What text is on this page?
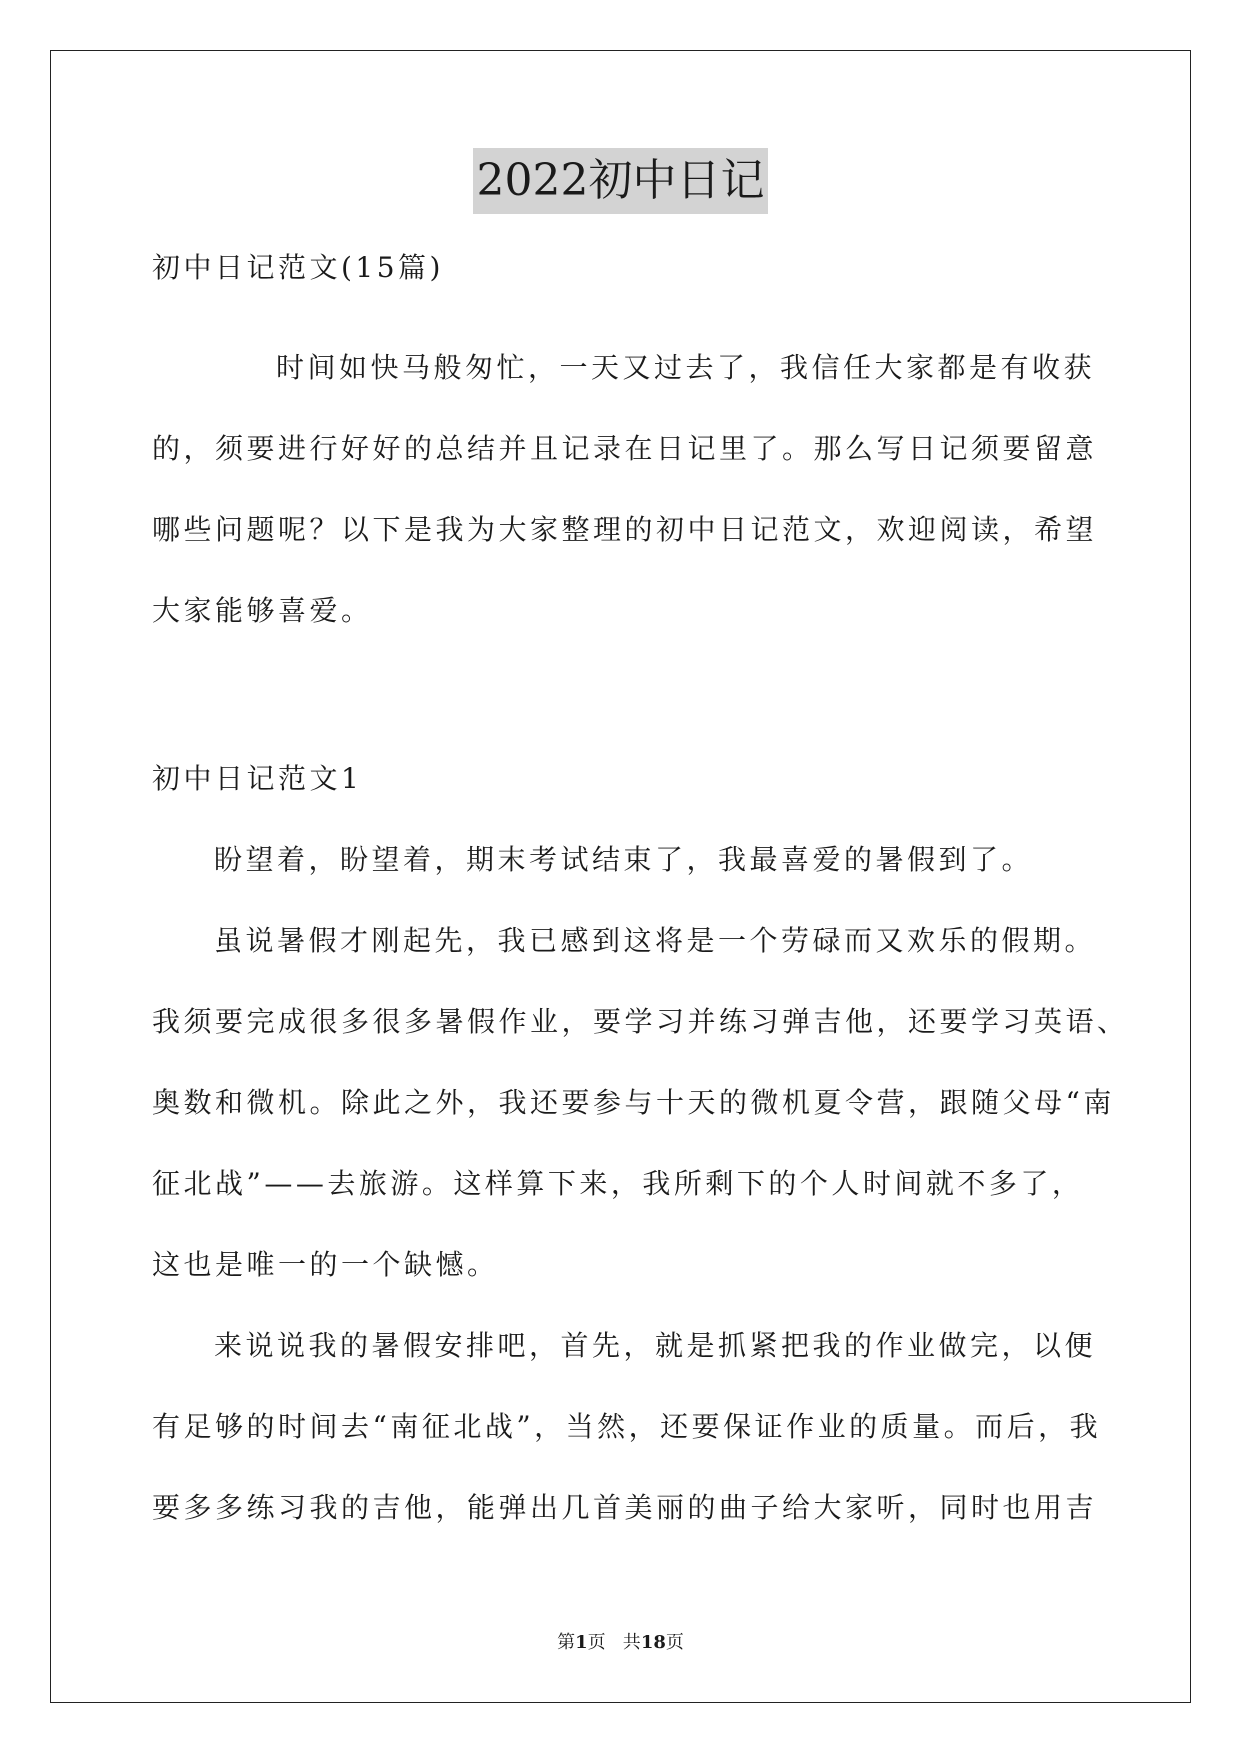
2022初中日记
初中日记范文(15篇)
时间如快马般匆忙，一天又过去了，我信任大家都是有收获
的，须要进行好好的总结并且记录在日记里了。那么写日记须要留意
哪些问题呢？以下是我为大家整理的初中日记范文，欢迎阅读，希望
大家能够喜爱。
初中日记范文1
盼望着，盼望着，期末考试结束了，我最喜爱的暑假到了。
虽说暑假才刚起先，我已感到这将是一个劳碌而又欢乐的假期。
我须要完成很多很多暑假作业，要学习并练习弹吉他，还要学习英语、
奥数和微机。除此之外，我还要参与十天的微机夏令营，跟随父母“南
征北战”——去旅游。这样算下来，我所剩下的个人时间就不多了，
这也是唯一的一个缺憾。
来说说我的暑假安排吧，首先，就是抓紧把我的作业做完，以便
有足够的时间去“南征北战”，当然，还要保证作业的质量。而后，我
要多多练习我的吉他，能弹出几首美丽的曲子给大家听，同时也用吉
第1页   共18页
